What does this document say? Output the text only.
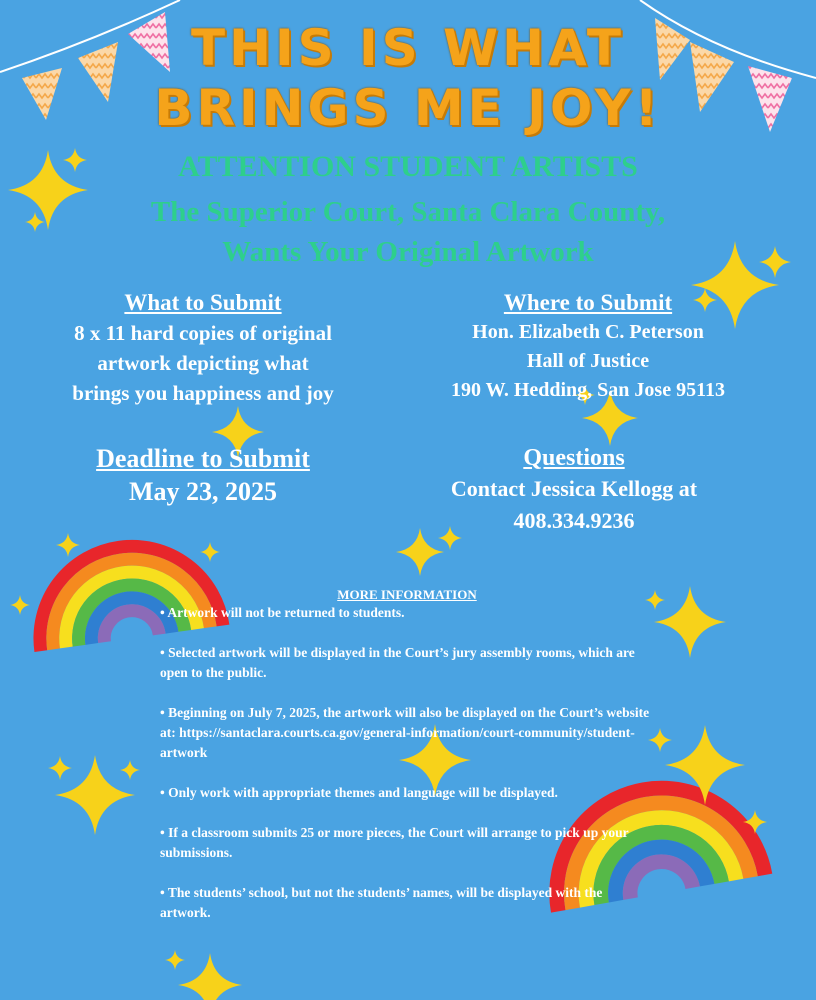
THIS IS WHAT
BRINGS ME JOY!
ATTENTION STUDENT ARTISTS
The Superior Court, Santa Clara County,
Wants Your Original Artwork
What to Submit
8 x 11 hard copies of original
artwork depicting what
brings you happiness and joy
Where to Submit
Hon. Elizabeth C. Peterson
Hall of Justice
190 W. Hedding, San Jose 95113
Deadline to Submit
May 23, 2025
Questions
Contact Jessica Kellogg at
408.334.9236
MORE INFORMATION

• Artwork will not be returned to students.

• Selected artwork will be displayed in the Court’s jury assembly rooms, which are open to the public.

• Beginning on July 7, 2025, the artwork will also be displayed on the Court’s website at: https://santaclara.courts.ca.gov/general-information/court-community/student-artwork

• Only work with appropriate themes and language will be displayed.

• If a classroom submits 25 or more pieces, the Court will arrange to pick up your submissions.

• The students’ school, but not the students’ names, will be displayed with the artwork.
